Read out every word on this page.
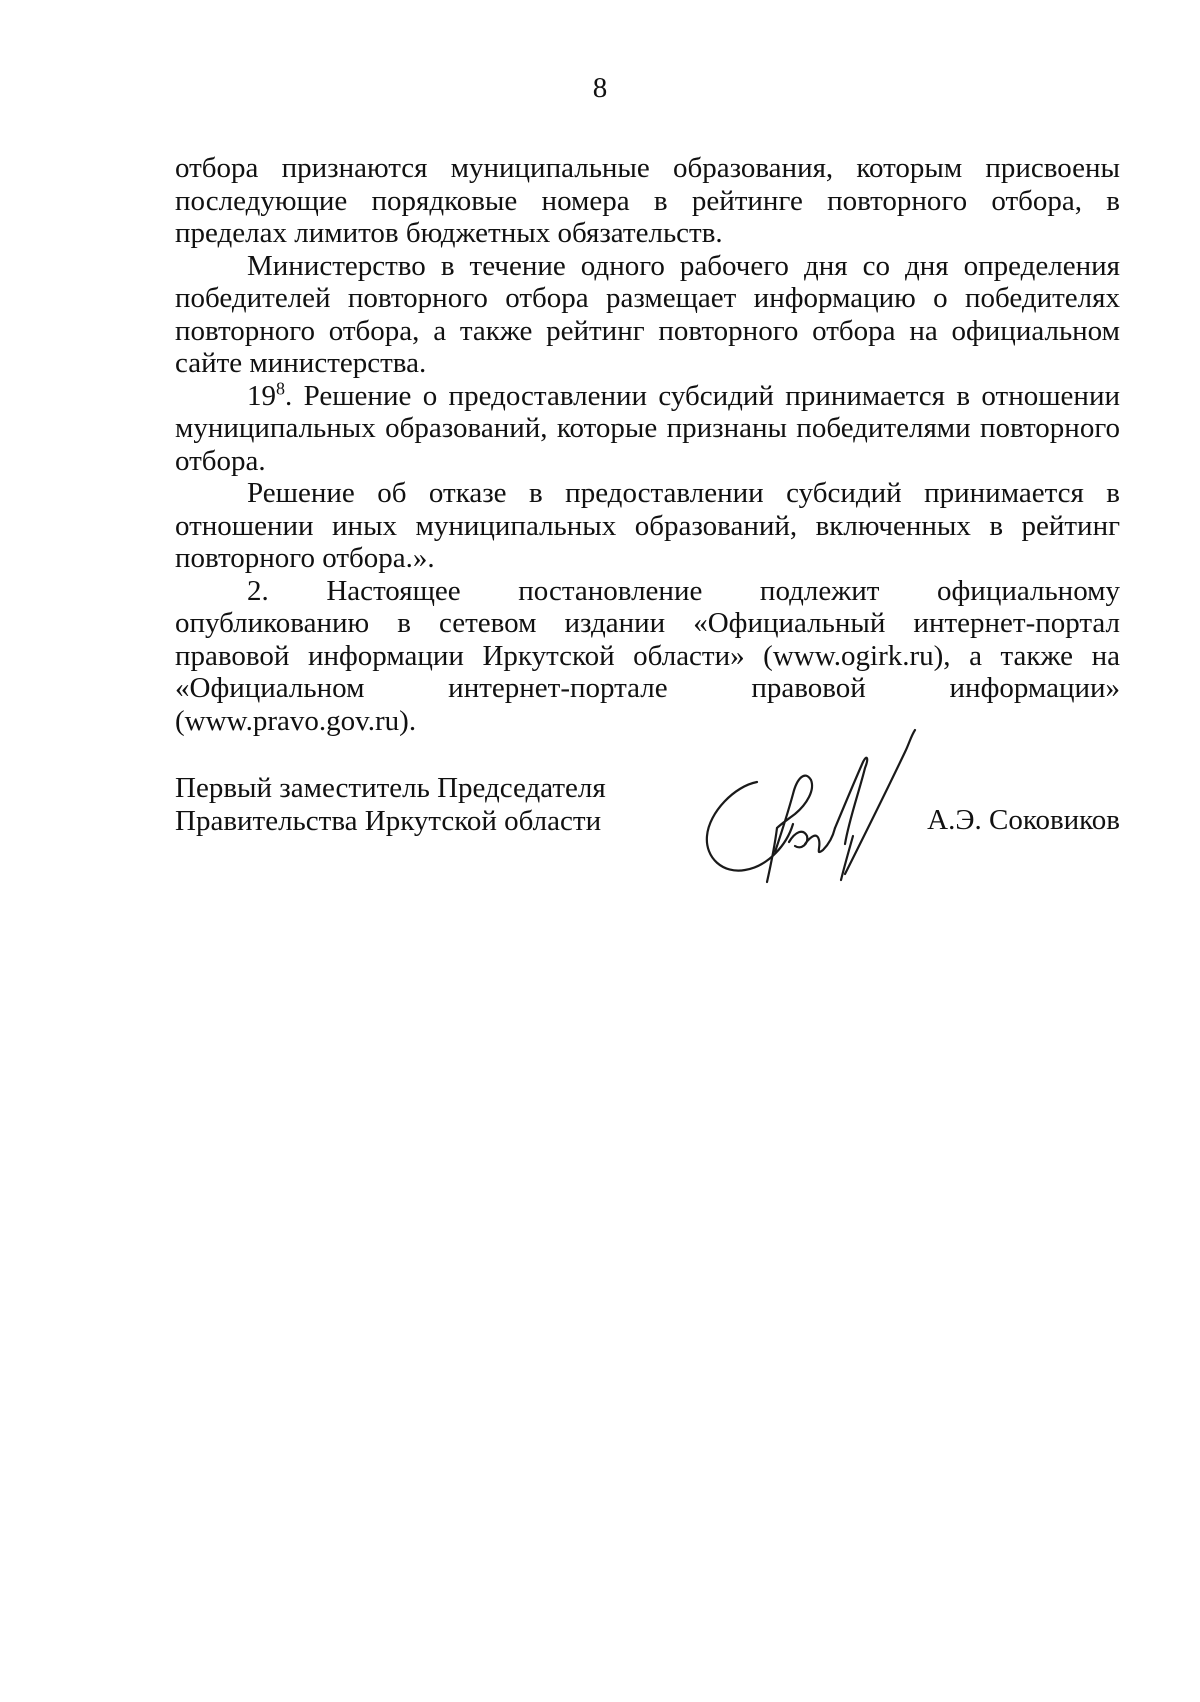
8

отбора признаются муниципальные образования, которым присвоены последующие порядковые номера в рейтинге повторного отбора, в пределах лимитов бюджетных обязательств.

Министерство в течение одного рабочего дня со дня определения победителей повторного отбора размещает информацию о победителях повторного отбора, а также рейтинг повторного отбора на официальном сайте министерства.

$19^8$. Решение о предоставлении субсидий принимается в отношении муниципальных образований, которые признаны победителями повторного отбора.

Решение об отказе в предоставлении субсидий принимается в отношении иных муниципальных образований, включенных в рейтинг повторного отбора.».

2. Настоящее постановление подлежит официальному опубликованию в сетевом издании «Официальный интернет-портал правовой информации Иркутской области» (www.ogirk.ru), а также на «Официальном интернет-портале правовой информации» (www.pravo.gov.ru).

Первый заместитель Председателя
Правительства Иркутской области	А.Э. Соковиков
